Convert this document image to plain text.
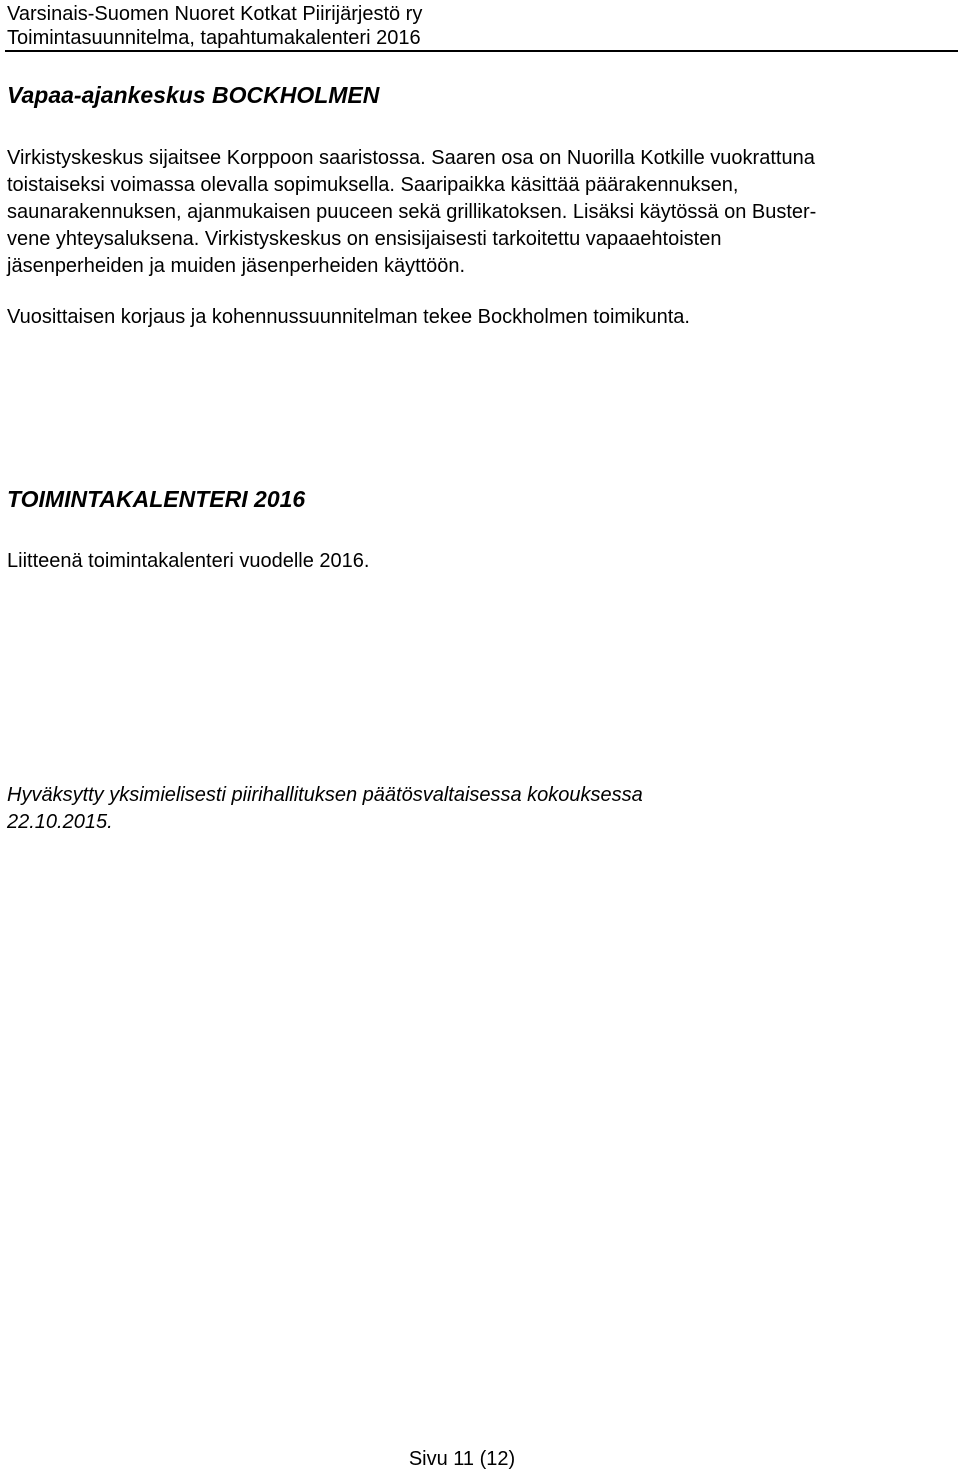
Varsinais-Suomen Nuoret Kotkat Piirijärjestö ry
Toimintasuunnitelma, tapahtumakalenteri 2016
Vapaa-ajankeskus BOCKHOLMEN
Virkistyskeskus sijaitsee Korppoon saaristossa. Saaren osa on Nuorilla Kotkille vuokrattuna
toistaiseksi voimassa olevalla sopimuksella. Saaripaikka käsittää päärakennuksen,
saunarakennuksen, ajanmukaisen puuceen sekä grillikatoksen. Lisäksi käytössä on Buster-
vene yhteysaluksena. Virkistyskeskus on ensisijaisesti tarkoitettu vapaaehtoisten
jäsenperheiden ja muiden jäsenperheiden käyttöön.

Vuosittaisen korjaus ja kohennussuunnitelman tekee Bockholmen toimikunta.

TOIMINTAKALENTERI 2016

Liitteenä toimintakalenteri vuodelle 2016.

Hyväksytty yksimielisesti piirihallituksen päätösvaltaisessa kokouksessa
22.10.2015.
Sivu 11 (12)
